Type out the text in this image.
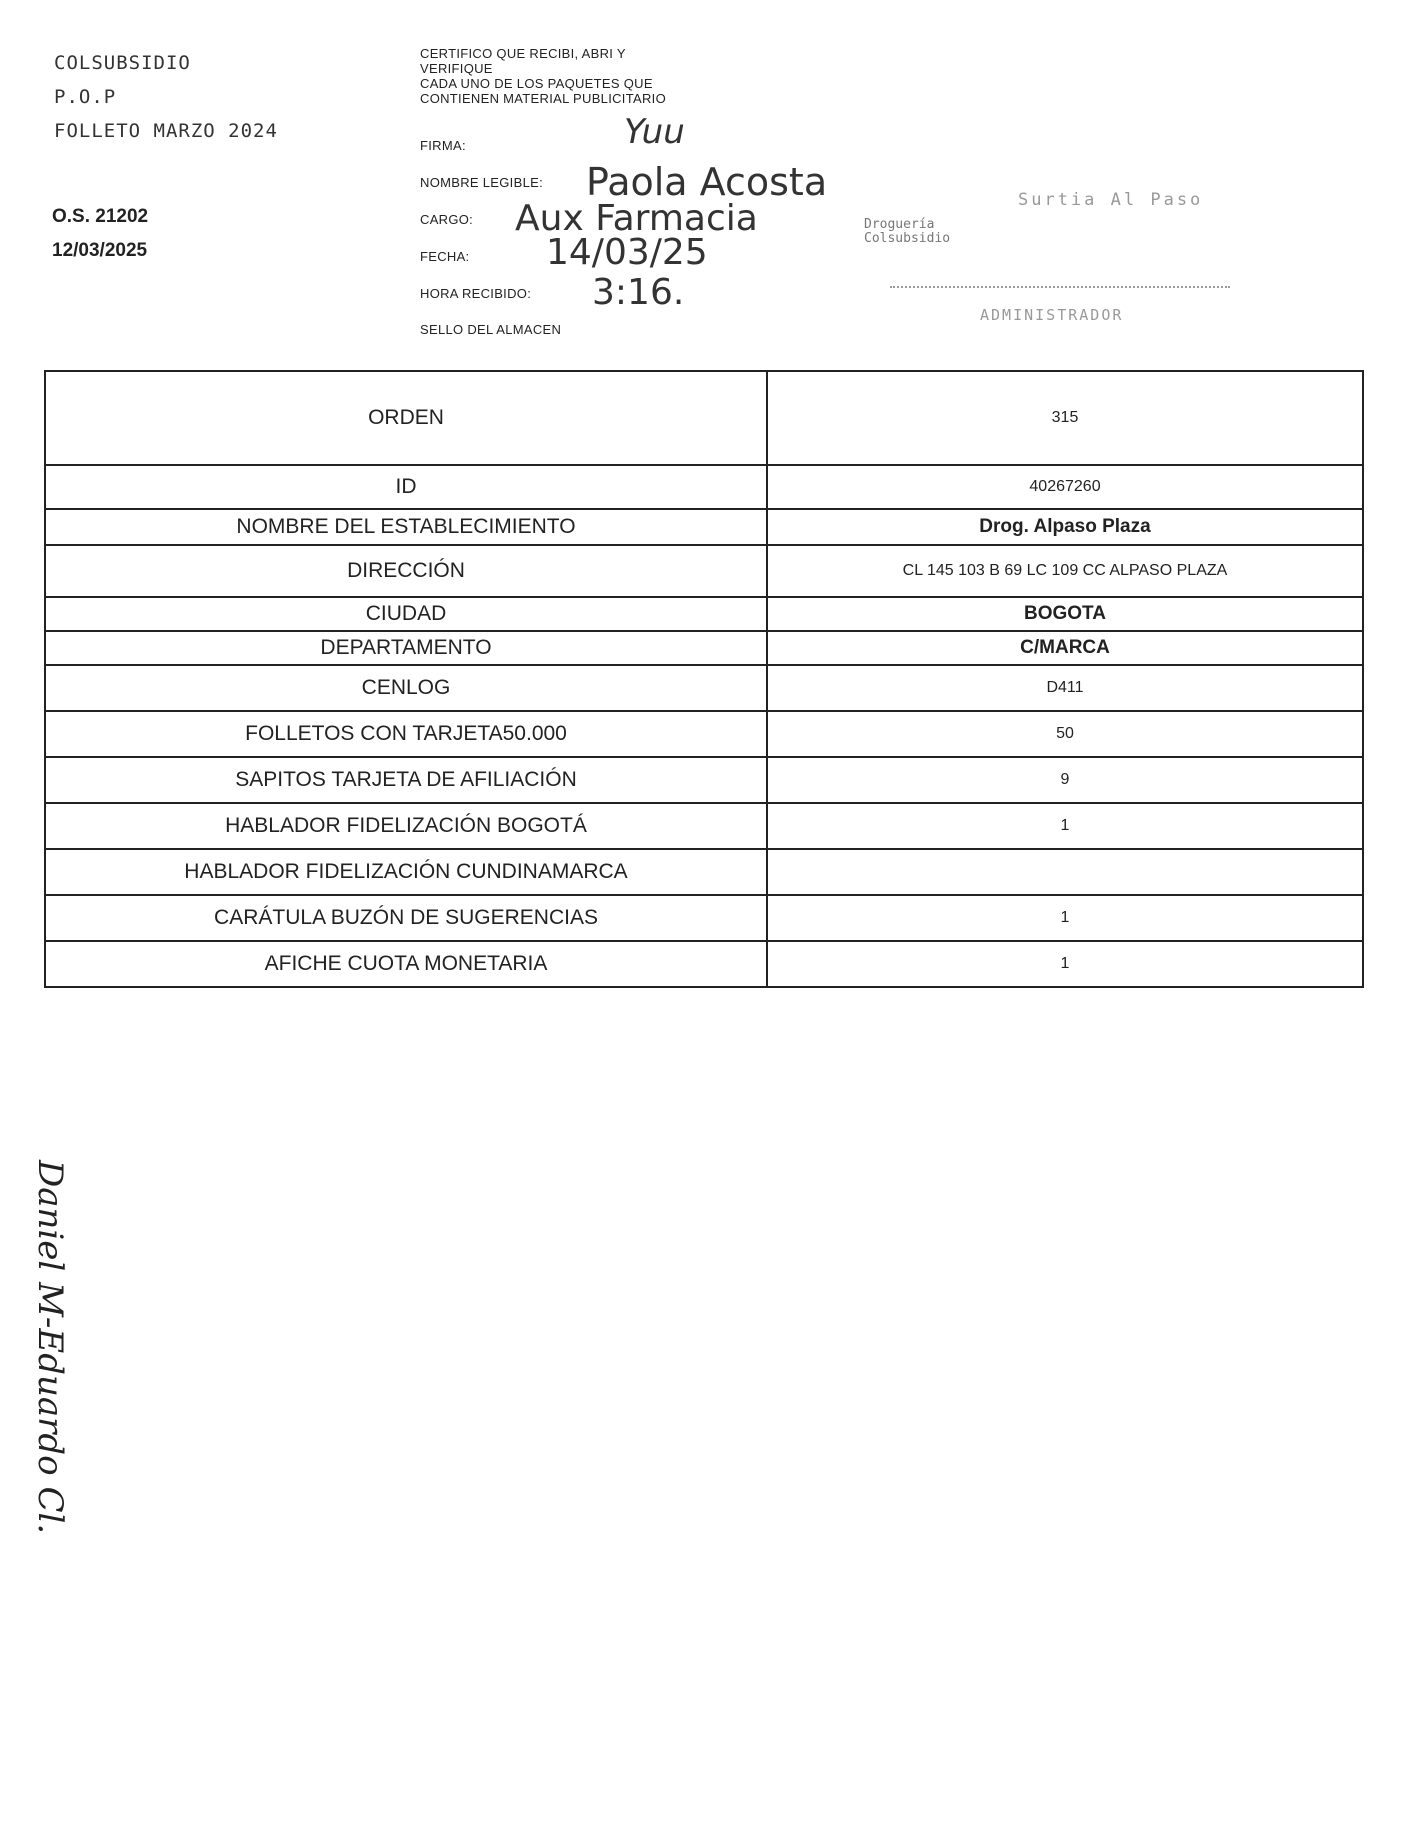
COLSUBSIDIO
P.O.P
FOLLETO MARZO 2024
O.S. 21202
12/03/2025
CERTIFICO QUE RECIBI, ABRI Y
VERIFIQUE
CADA UNO DE LOS PAQUETES QUE
CONTIENEN MATERIAL PUBLICITARIO
FIRMA:
NOMBRE LEGIBLE:
CARGO:
FECHA:
HORA RECIBIDO:
SELLO DEL ALMACEN
Yuu
Paola Acosta
Aux Farmacia
14/03/25
3:16.
Surtia Al Paso
Droguería Colsubsidio
ADMINISTRADOR
ORDEN	315
ID	40267260
NOMBRE DEL ESTABLECIMIENTO	Drog. Alpaso Plaza
DIRECCIÓN	CL 145 103 B 69 LC 109 CC ALPASO PLAZA
CIUDAD	BOGOTA
DEPARTAMENTO	C/MARCA
CENLOG	D411
FOLLETOS CON TARJETA50.000	50
SAPITOS TARJETA DE AFILIACIÓN	9
HABLADOR FIDELIZACIÓN BOGOTÁ	1
HABLADOR FIDELIZACIÓN CUNDINAMARCA	
CARÁTULA BUZÓN DE SUGERENCIAS	1
AFICHE CUOTA MONETARIA	1
Daniel M-Eduardo Cl.
